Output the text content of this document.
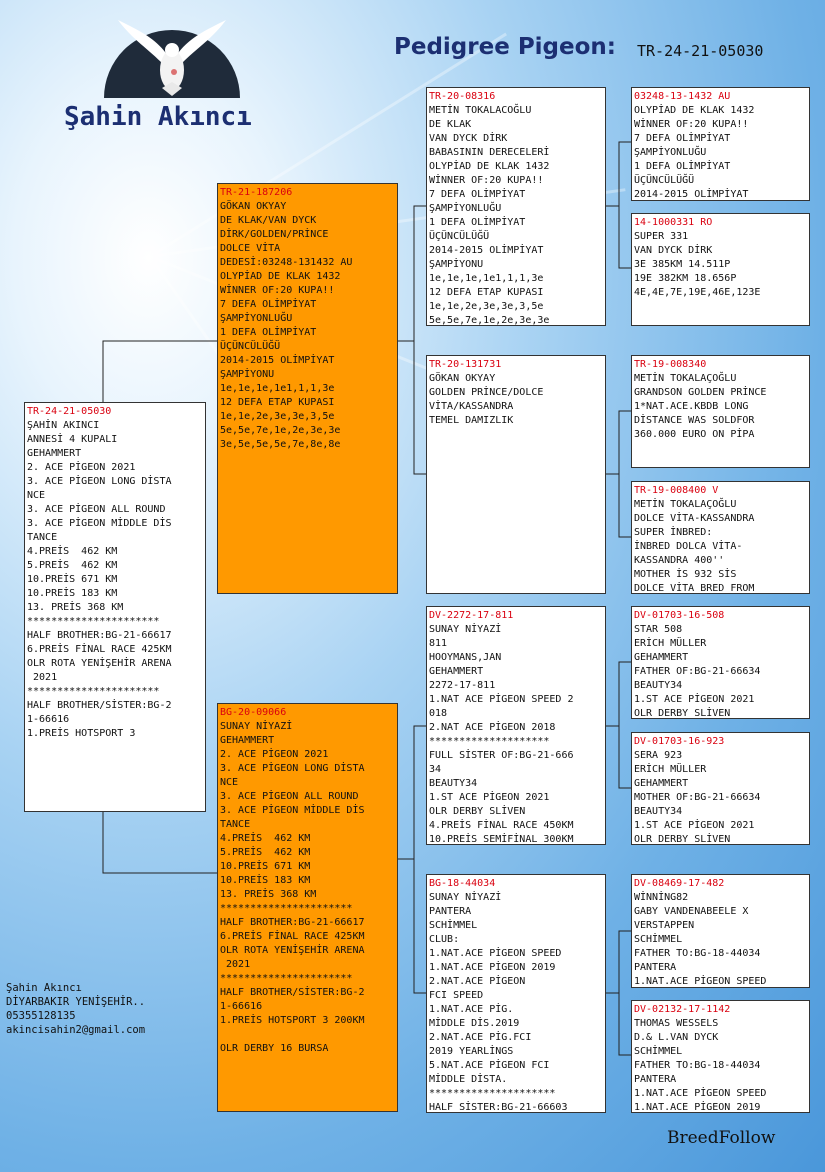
Şahin Akıncı
Pedigree Pigeon: TR-24-21-05030
TR-24-21-05030
ŞAHİN AKINCI
ANNESİ 4 KUPALI
GEHAMMERT
2. ACE PİGEON 2021
3. ACE PİGEON LONG DİSTA
NCE
3. ACE PİGEON ALL ROUND
3. ACE PİGEON MİDDLE DİS
TANCE
4.PREİS  462 KM
5.PREİS  462 KM
10.PREİS 671 KM
10.PREİS 183 KM
13. PREİS 368 KM
**********************
HALF BROTHER:BG-21-66617
6.PREİS FİNAL RACE 425KM
OLR ROTA YENİŞEHİR ARENA
2021
**********************
HALF BROTHER/SİSTER:BG-2
1-66616
1.PREİS HOTSPORT 3
TR-21-187206
GÖKAN OKYAY
DE KLAK/VAN DYCK
DİRK/GOLDEN/PRİNCE
DOLCE VİTA
DEDESİ:03248-131432 AU
OLYPİAD DE KLAK 1432
WİNNER OF:20 KUPA!!
7 DEFA OLİMPİYAT
ŞAMPİYONLUĞU
1 DEFA OLİMPİYAT
ÜÇÜNCÜLÜĞÜ
2014-2015 OLİMPİYAT
ŞAMPİYONU
1e,1e,1e,1e1,1,1,3e
12 DEFA ETAP KUPASI
1e,1e,2e,3e,3e,3,5e
5e,5e,7e,1e,2e,3e,3e
3e,5e,5e,5e,7e,8e,8e
BG-20-09066
SUNAY NİYAZİ
GEHAMMERT
2. ACE PİGEON 2021
3. ACE PİGEON LONG DİSTA
NCE
3. ACE PİGEON ALL ROUND
3. ACE PİGEON MİDDLE DİS
TANCE
4.PREİS  462 KM
5.PREİS  462 KM
10.PREİS 671 KM
10.PREİS 183 KM
13. PREİS 368 KM
**********************
HALF BROTHER:BG-21-66617
6.PREİS FİNAL RACE 425KM
OLR ROTA YENİŞEHİR ARENA
2021
**********************
HALF BROTHER/SİSTER:BG-2
1-66616
1.PREİS HOTSPORT 3 200KM

OLR DERBY 16 BURSA
TR-20-08316
METİN TOKALACOĞLU
DE KLAK
VAN DYCK DİRK
BABASININ DERECELERİ
OLYPİAD DE KLAK 1432
WİNNER OF:20 KUPA!!
7 DEFA OLİMPİYAT
ŞAMPİYONLUĞU
1 DEFA OLİMPİYAT
ÜÇÜNCÜLÜĞÜ
2014-2015 OLİMPİYAT
ŞAMPİYONU
1e,1e,1e,1e1,1,1,3e
12 DEFA ETAP KUPASI
1e,1e,2e,3e,3e,3,5e
5e,5e,7e,1e,2e,3e,3e
TR-20-131731
GÖKAN OKYAY
GOLDEN PRİNCE/DOLCE
VİTA/KASSANDRA
TEMEL DAMIZLIK
DV-2272-17-811
SUNAY NİYAZİ
811
HOOYMANS,JAN
GEHAMMERT
2272-17-811
1.NAT ACE PİGEON SPEED 2
018
2.NAT ACE PİGEON 2018
********************
FULL SİSTER OF:BG-21-666
34
BEAUTY34
1.ST ACE PİGEON 2021
OLR DERBY SLİVEN
4.PREİS FİNAL RACE 450KM
10.PREİS SEMİFİNAL 300KM
BG-18-44034
SUNAY NİYAZİ
PANTERA
SCHİMMEL
CLUB:
1.NAT.ACE PİGEON SPEED
1.NAT.ACE PİGEON 2019
2.NAT.ACE PİGEON
FCI SPEED
1.NAT.ACE PİG.
MİDDLE DİS.2019
2.NAT.ACE PİG.FCI
2019 YEARLİNGS
5.NAT.ACE PİGEON FCI
MİDDLE DİSTA.
*********************
HALF SİSTER:BG-21-66603
03248-13-1432 AU
OLYPİAD DE KLAK 1432
WİNNER OF:20 KUPA!!
7 DEFA OLİMPİYAT
ŞAMPİYONLUĞU
1 DEFA OLİMPİYAT
ÜÇÜNCÜLÜĞÜ
2014-2015 OLİMPİYAT
14-1000331 RO
SUPER 331
VAN DYCK DİRK
3E 385KM 14.511P
19E 382KM 18.656P
4E,4E,7E,19E,46E,123E
TR-19-008340
METİN TOKALAÇOĞLU
GRANDSON GOLDEN PRİNCE
1*NAT.ACE.KBDB LONG
DİSTANCE WAS SOLDFOR
360.000 EURO ON PİPA
TR-19-008400 V
METİN TOKALAÇOĞLU
DOLCE VİTA-KASSANDRA
SUPER İNBRED:
İNBRED DOLCA VİTA-
KASSANDRA 400''
MOTHER İS 932 SİS
DOLCE VİTA BRED FROM
DV-01703-16-508
STAR 508
ERİCH MÜLLER
GEHAMMERT
FATHER OF:BG-21-66634
BEAUTY34
1.ST ACE PİGEON 2021
OLR DERBY SLİVEN
DV-01703-16-923
SERA 923
ERİCH MÜLLER
GEHAMMERT
MOTHER OF:BG-21-66634
BEAUTY34
1.ST ACE PİGEON 2021
OLR DERBY SLİVEN
DV-08469-17-482
WİNNİNG82
GABY VANDENABEELE X
VERSTAPPEN
SCHİMMEL
FATHER TO:BG-18-44034
PANTERA
1.NAT.ACE PİGEON SPEED
DV-02132-17-1142
THOMAS WESSELS
D.& L.VAN DYCK
SCHİMMEL
FATHER TO:BG-18-44034
PANTERA
1.NAT.ACE PİGEON SPEED
1.NAT.ACE PİGEON 2019
Şahin Akıncı
DİYARBAKIR YENİŞEHİR..
05355128135
akincisahin2@gmail.com
BreedFollow
